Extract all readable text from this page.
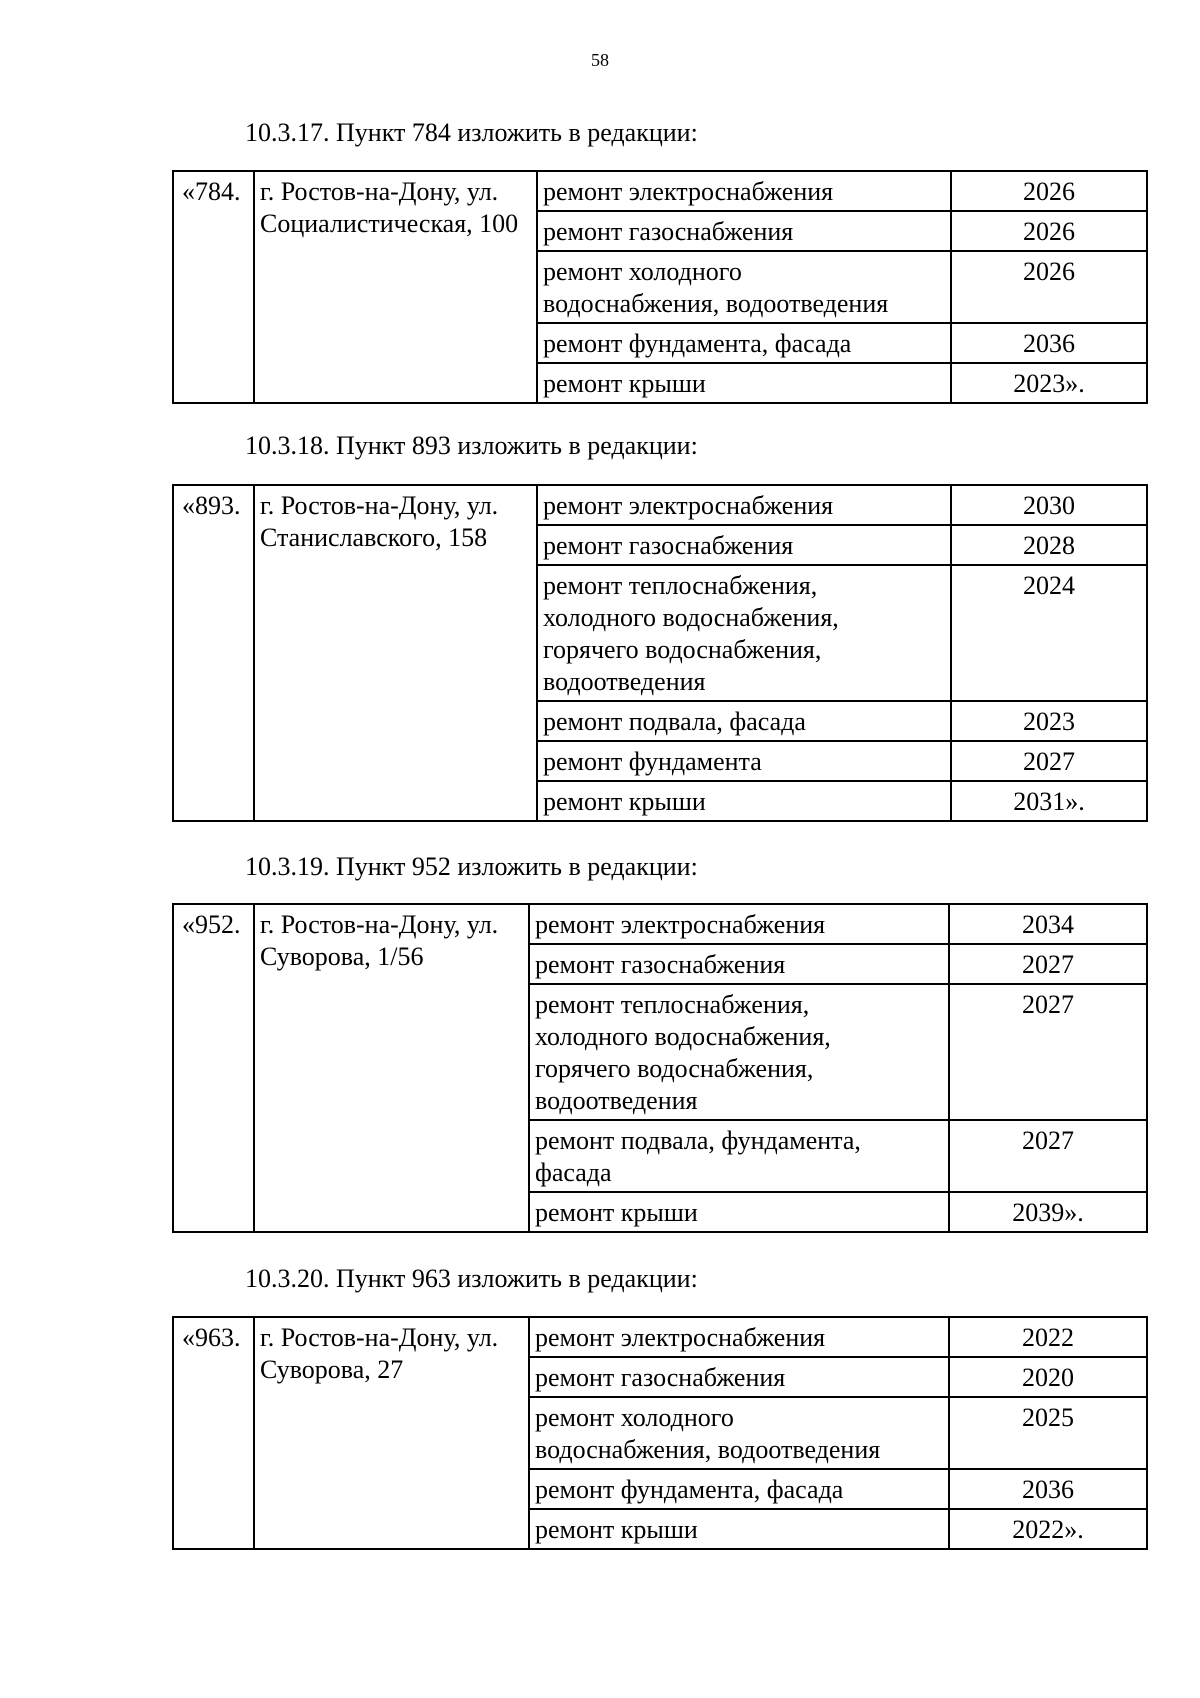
58
10.3.17. Пункт 784 изложить в редакции:
«784.	г. Ростов-на-Дону, ул. Социалистическая, 100	ремонт электроснабжения	2026
		ремонт газоснабжения	2026
		ремонт холодного
водоснабжения, водоотведения	2026
		ремонт фундамента, фасада	2036
		ремонт крыши	2023».
10.3.18. Пункт 893 изложить в редакции:
«893.	г. Ростов-на-Дону, ул. Станиславского, 158	ремонт электроснабжения	2030
		ремонт газоснабжения	2028
		ремонт теплоснабжения,
холодного водоснабжения,
горячего водоснабжения,
водоотведения	2024
		ремонт подвала, фасада	2023
		ремонт фундамента	2027
		ремонт крыши	2031».
10.3.19. Пункт 952 изложить в редакции:
«952.	г. Ростов-на-Дону, ул. Суворова, 1/56	ремонт электроснабжения	2034
		ремонт газоснабжения	2027
		ремонт теплоснабжения,
холодного водоснабжения,
горячего водоснабжения,
водоотведения	2027
		ремонт подвала, фундамента,
фасада	2027
		ремонт крыши	2039».
10.3.20. Пункт 963 изложить в редакции:
«963.	г. Ростов-на-Дону, ул. Суворова, 27	ремонт электроснабжения	2022
		ремонт газоснабжения	2020
		ремонт холодного
водоснабжения, водоотведения	2025
		ремонт фундамента, фасада	2036
		ремонт крыши	2022».
